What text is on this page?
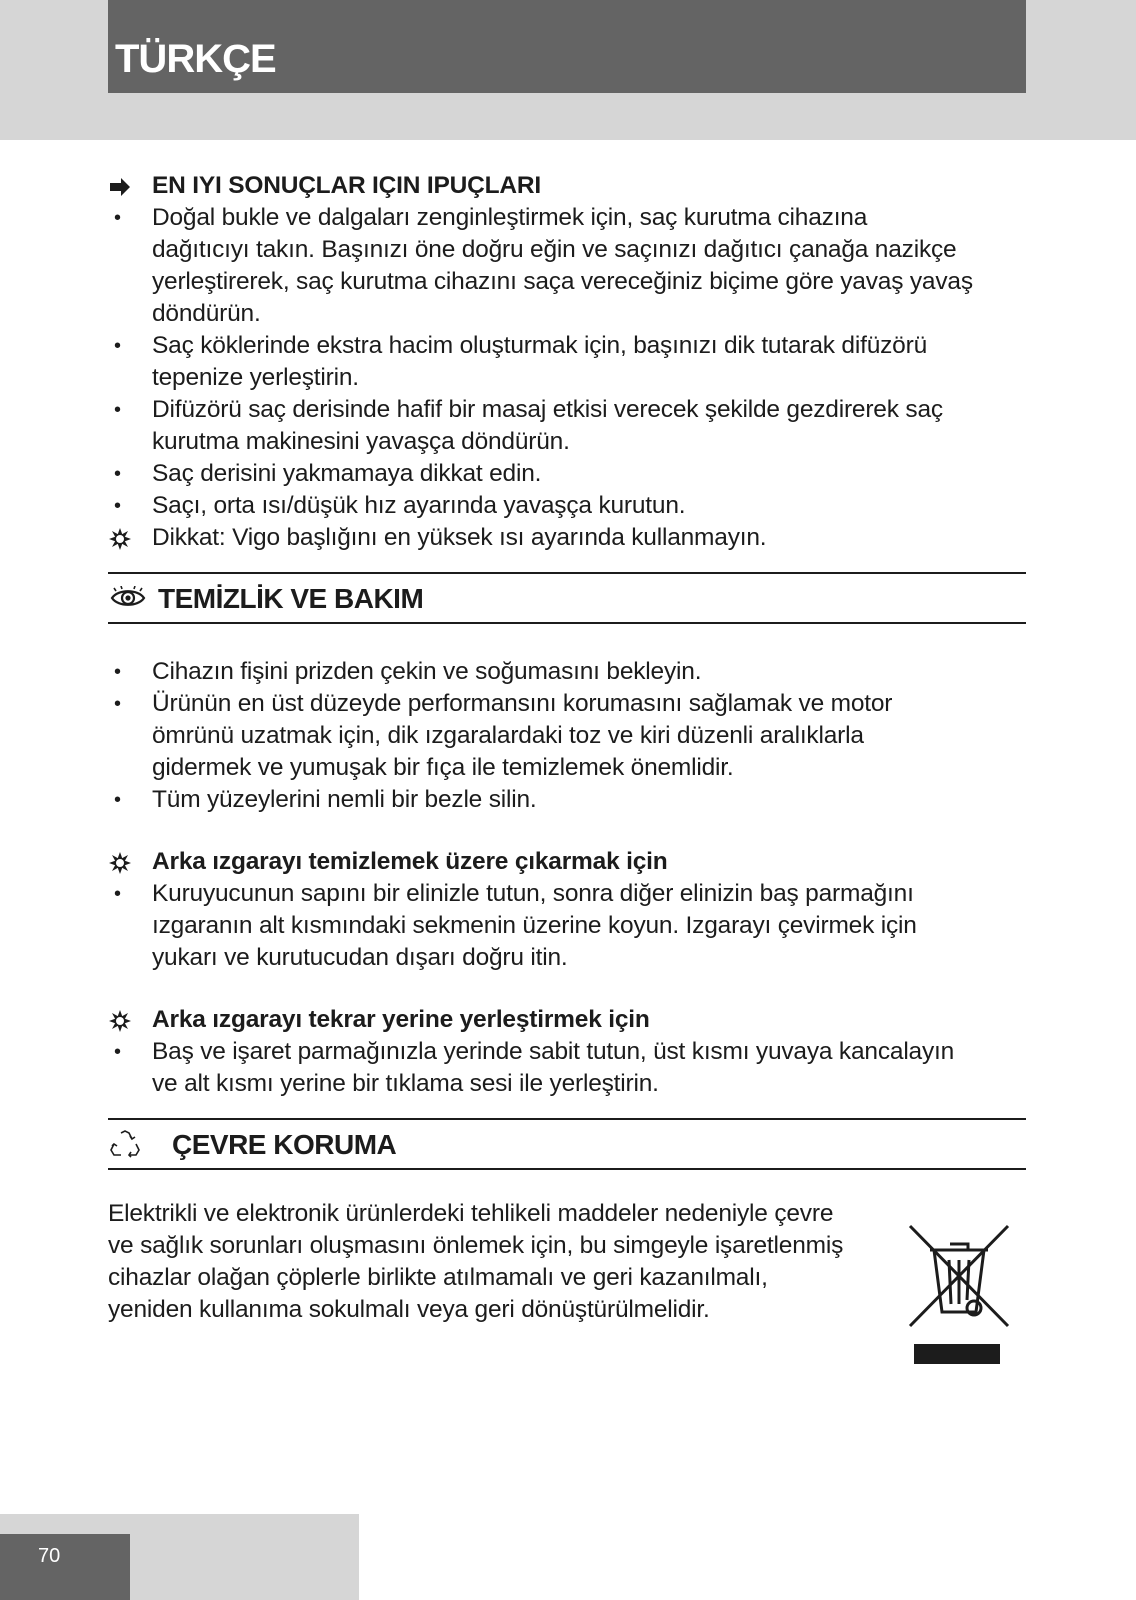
TÜRKÇE
EN IYI SONUÇLAR IÇIN IPUÇLARI
•	Doğal bukle ve dalgaları zenginleştirmek için, saç kurutma cihazına
dağıtıcıyı takın. Başınızı öne doğru eğin ve saçınızı dağıtıcı çanağa nazikçe
yerleştirerek, saç kurutma cihazını saça vereceğiniz biçime göre yavaş yavaş
döndürün.
•	Saç köklerinde ekstra hacim oluşturmak için, başınızı dik tutarak difüzörü
tepenize yerleştirin.
•	Difüzörü saç derisinde hafif bir masaj etkisi verecek şekilde gezdirerek saç
kurutma makinesini yavaşça döndürün.
•	Saç derisini yakmamaya dikkat edin.
•	Saçı, orta ısı/düşük hız ayarında yavaşça kurutun.
Dikkat: Vigo başlığını en yüksek ısı ayarında kullanmayın.
TEMİZLİK VE BAKIM
•	Cihazın fişini prizden çekin ve soğumasını bekleyin.
•	Ürünün en üst düzeyde performansını korumasını sağlamak ve motor
ömrünü uzatmak için, dik ızgaralardaki toz ve kiri düzenli aralıklarla
gidermek ve yumuşak bir fıça ile temizlemek önemlidir.
•	Tüm yüzeylerini nemli bir bezle silin.
Arka ızgarayı temizlemek üzere çıkarmak için
•	Kuruyucunun sapını bir elinizle tutun, sonra diğer elinizin baş parmağını
ızgaranın alt kısmındaki sekmenin üzerine koyun. Izgarayı çevirmek için
yukarı ve kurutucudan dışarı doğru itin.
Arka ızgarayı tekrar yerine yerleştirmek için
•	Baş ve işaret parmağınızla yerinde sabit tutun, üst kısmı yuvaya kancalayın
ve alt kısmı yerine bir tıklama sesi ile yerleştirin.
ÇEVRE KORUMA
Elektrikli ve elektronik ürünlerdeki tehlikeli maddeler nedeniyle çevre
ve sağlık sorunları oluşmasını önlemek için, bu simgeyle işaretlenmiş
cihazlar olağan çöplerle birlikte atılmamalı ve geri kazanılmalı,
yeniden kullanıma sokulmalı veya geri dönüştürülmelidir.
70
